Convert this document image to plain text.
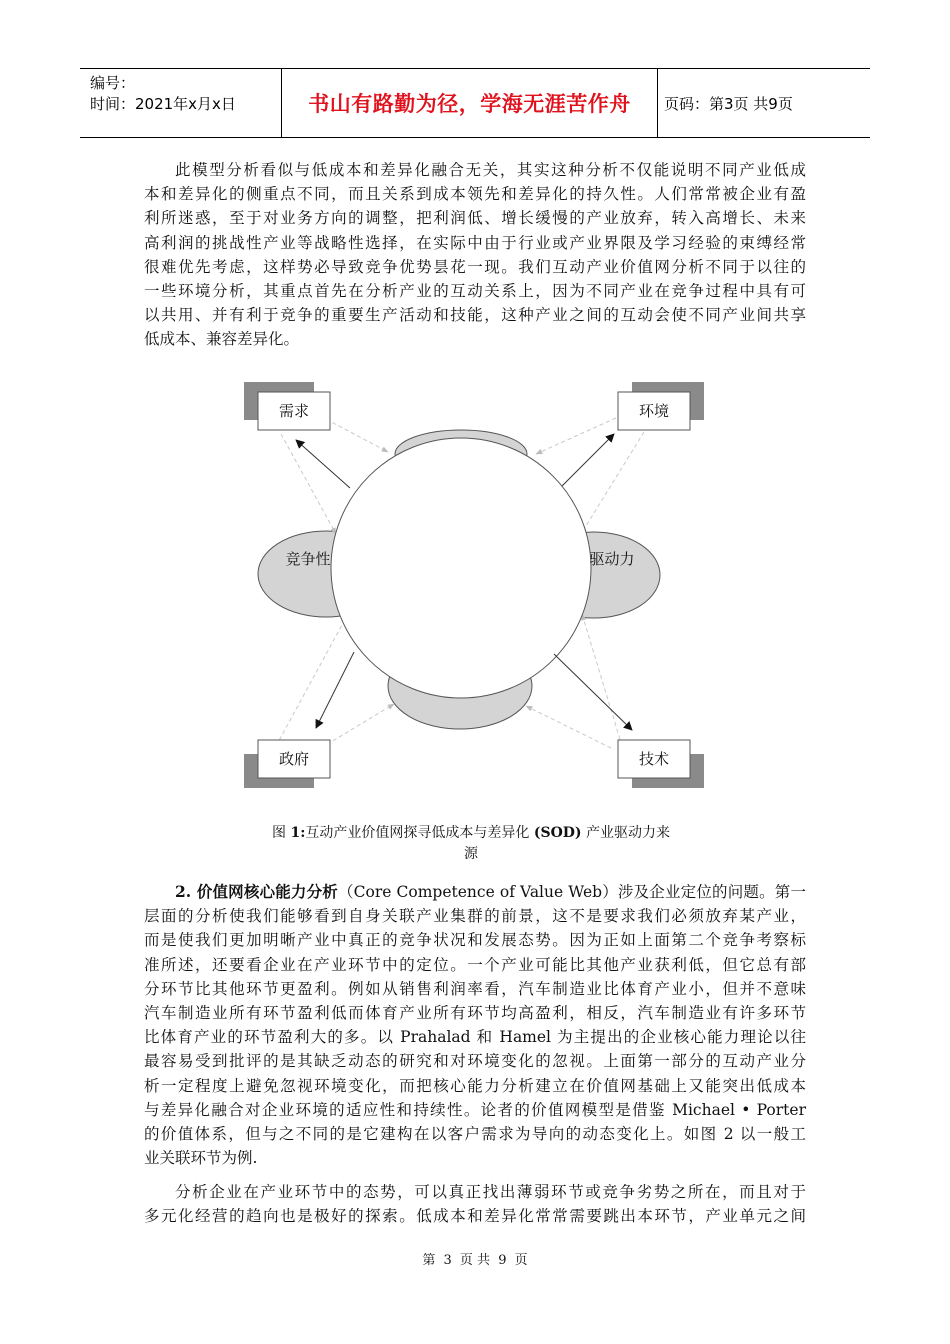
编号：
时间：2021年x月x日	书山有路勤为径，学海无涯苦作舟	页码：第3页 共9页
此模型分析看似与低成本和差异化融合无关，其实这种分析不仅能说明不同产业低成
本和差异化的侧重点不同，而且关系到成本领先和差异化的持久性。人们常常被企业有盈
利所迷惑，至于对业务方向的调整，把利润低、增长缓慢的产业放弃，转入高增长、未来
高利润的挑战性产业等战略性选择，在实际中由于行业或产业界限及学习经验的束缚经常
很难优先考虑，这样势必导致竞争优势昙花一现。我们互动产业价值网分析不同于以往的
一些环境分析，其重点首先在分析产业的互动关系上，因为不同产业在竞争过程中具有可
以共用、并有利于竞争的重要生产活动和技能，这种产业之间的互动会使不同产业间共享
低成本、兼容差异化。
需求	环境
政府	技术
竞争性	驱动力
图 1:互动产业价值网探寻低成本与差异化 (SOD) 产业驱动力来
源
2. 价值网核心能力分析（Core Competence of Value Web）涉及企业定位的问题。第一
层面的分析使我们能够看到自身关联产业集群的前景，这不是要求我们必须放弃某产业，
而是使我们更加明晰产业中真正的竞争状况和发展态势。因为正如上面第二个竞争考察标
准所述，还要看企业在产业环节中的定位。一个产业可能比其他产业获利低，但它总有部
分环节比其他环节更盈利。例如从销售利润率看，汽车制造业比体育产业小，但并不意味
汽车制造业所有环节盈利低而体育产业所有环节均高盈利，相反，汽车制造业有许多环节
比体育产业的环节盈利大的多。以 Prahalad 和 Hamel 为主提出的企业核心能力理论以往
最容易受到批评的是其缺乏动态的研究和对环境变化的忽视。上面第一部分的互动产业分
析一定程度上避免忽视环境变化，而把核心能力分析建立在价值网基础上又能突出低成本
与差异化融合对企业环境的适应性和持续性。论者的价值网模型是借鉴 Michael • Porter
的价值体系，但与之不同的是它建构在以客户需求为导向的动态变化上。如图 2 以一般工
业关联环节为例.
分析企业在产业环节中的态势，可以真正找出薄弱环节或竞争劣势之所在，而且对于
多元化经营的趋向也是极好的探索。低成本和差异化常常需要跳出本环节，产业单元之间
第 3 页 共 9 页
